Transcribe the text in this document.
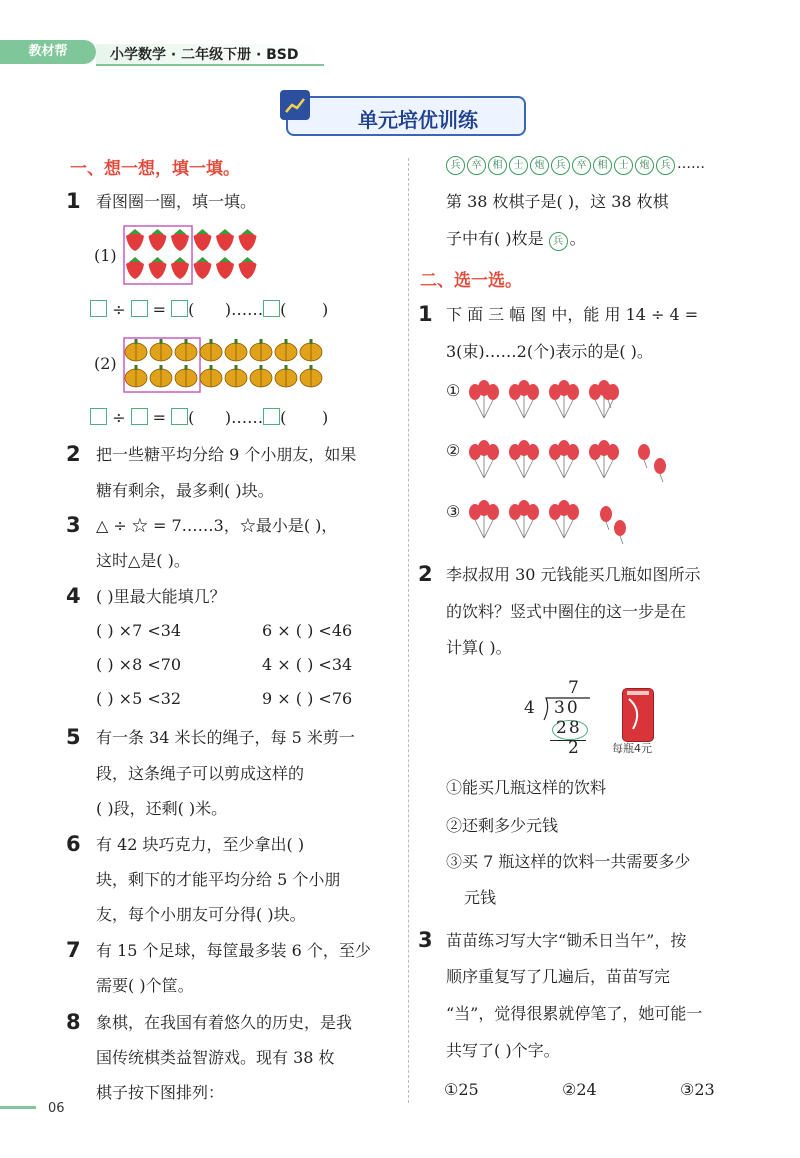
教材帮	小学数学 · 二年级下册 · BSD
单元培优训练
一、想一想，填一填。
1 看图圈一圈，填一填。
(1)
÷  = (      )…… (       )
(2)
÷  = (      )…… (       )
2 把一些糖平均分给 9 个小朋友，如果
糖有剩余，最多剩( )块。
3 △ ÷ ☆ = 7……3，☆最小是( )，
这时△是( )。
4 ( )里最大能填几？
( ) ×7 <34	6 × ( ) <46
( ) ×8 <70	4 × ( ) <34
( ) ×5 <32	9 × ( ) <76
5 有一条 34 米长的绳子，每 5 米剪一
段，这条绳子可以剪成这样的
( )段，还剩( )米。
6 有 42 块巧克力，至少拿出( )
块，剩下的才能平均分给 5 个小朋
友，每个小朋友可分得( )块。
7 有 15 个足球，每筐最多装 6 个，至少
需要( )个筐。
8 象棋，在我国有着悠久的历史，是我
国传统棋类益智游戏。现有 38 枚
棋子按下图排列：
06
兵 卒 相 士 炮 兵 卒 相 士 炮 兵 ……
第 38 枚棋子是( )，这 38 枚棋
子中有( )枚是 兵 。
二、选一选。
1 下 面 三 幅 图 中，能 用 14 ÷ 4 =
3(束)……2(个)表示的是( )。
①
②
③
2 李叔叔用 30 元钱能买几瓶如图所示
的饮料？竖式中圈住的这一步是在
计算( )。
7
4 30
28
2	每瓶4元
①能买几瓶这样的饮料
②还剩多少元钱
③买 7 瓶这样的饮料一共需要多少
元钱
3 苗苗练习写大字“锄禾日当午”，按
顺序重复写了几遍后，苗苗写完
“当”，觉得很累就停笔了，她可能一
共写了( )个字。
①25	②24	③23
